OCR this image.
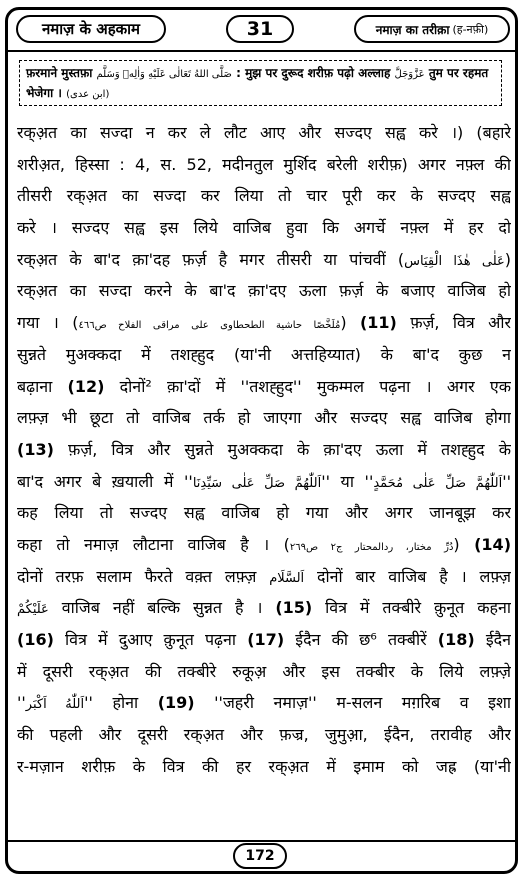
नमाज़ के अहकाम	31	नमाज़ का तरीक़ा (ह-नफ़ी)
फ़रमाने मुस्तफ़ा صَلَّى اللهُ تَعَالٰى عَلَيْهِ وَاٰلِهٖ وَسَلَّم : मुझ पर दुरूद शरीफ़ पढ़ो अल्लाह عَزَّوَجَلَّ तुम पर रहमत भेजेगा । (ابن عدی)
रक्अ़त का सज्दा न कर ले लौट आए और सज्दए सह्व करे ।) (बहारे
शरीअ़त, हिस्सा : 4, स. 52, मदीनतुल मुर्शिद बरेली शरीफ़) अगर नफ़्ल की
तीसरी रक्अ़त का सज्दा कर लिया तो चार पूरी कर के सज्दए सह्व
करे । सज्दए सह्व इस लिये वाजिब हुवा कि अगर्चे नफ़्ल में हर दो
रक्अ़त के बा'द क़ा'दह फ़र्ज़ है मगर तीसरी या पांचवीं (عَلٰى هٰذَا الْقِيَاس)
रक्अ़त का सज्दा करने के बा'द क़ा'दए ऊला फ़र्ज़ के बजाए वाजिब हो
गया । (مُلَخَّصًا حاشية الطحطاوى على مراقى الفلاح ص٤٦٦) (11) फ़र्ज़, वित्र और
सुन्नते मुअक्कदा में तशह्हुद (या'नी अत्तहिय्यात) के बा'द कुछ न
बढ़ाना (12) दोनों² क़ा'दों में ''तशह्हुद'' मुकम्मल पढ़ना । अगर एक
लफ़्ज़ भी छूटा तो वाजिब तर्क हो जाएगा और सज्दए सह्व वाजिब होगा
(13) फ़र्ज़, वित्र और सुन्नते मुअक्कदा के क़ा'दए ऊला में तशह्हुद के
बा'द अगर बे ख़याली में ''اَللّٰهُمَّ صَلِّ عَلٰى سَيِّدِنَا'' या ''اَللّٰهُمَّ صَلِّ عَلٰى مُحَمَّدٍ''
कह लिया तो सज्दए सह्व वाजिब हो गया और अगर जानबूझ कर
कहा तो नमाज़ लौटाना वाजिब है । (دُرِّ مختار، ردالمحتار ج٢ ص٢٦٩) (14)
दोनों तरफ़ सलाम फैरते वक़्त लफ़्ज़ اَلسَّلَام दोनों बार वाजिब है । लफ़्ज़
عَلَيْكُمْ वाजिब नहीं बल्कि सुन्नत है । (15) वित्र में तक्बीरे क़ुनूत कहना
(16) वित्र में दुआए क़ुनूत पढ़ना (17) ईदैन की छ⁶ तक्बीरें (18) ईदैन
में दूसरी रक्अ़त की तक्बीरे रुकूअ़ और इस तक्बीर के लिये लफ़्ज़े
''اَللّٰهُ اَكْبَر'' होना (19) ''जहरी नमाज़'' म-सलन मग़रिब व इशा
की पहली और दूसरी रक्अ़त और फ़ज्र, जुमुआ़, ईदैन, तरावीह और
र-मज़ान शरीफ़ के वित्र की हर रक्अ़त में इमाम को जह्र (या'नी
172
